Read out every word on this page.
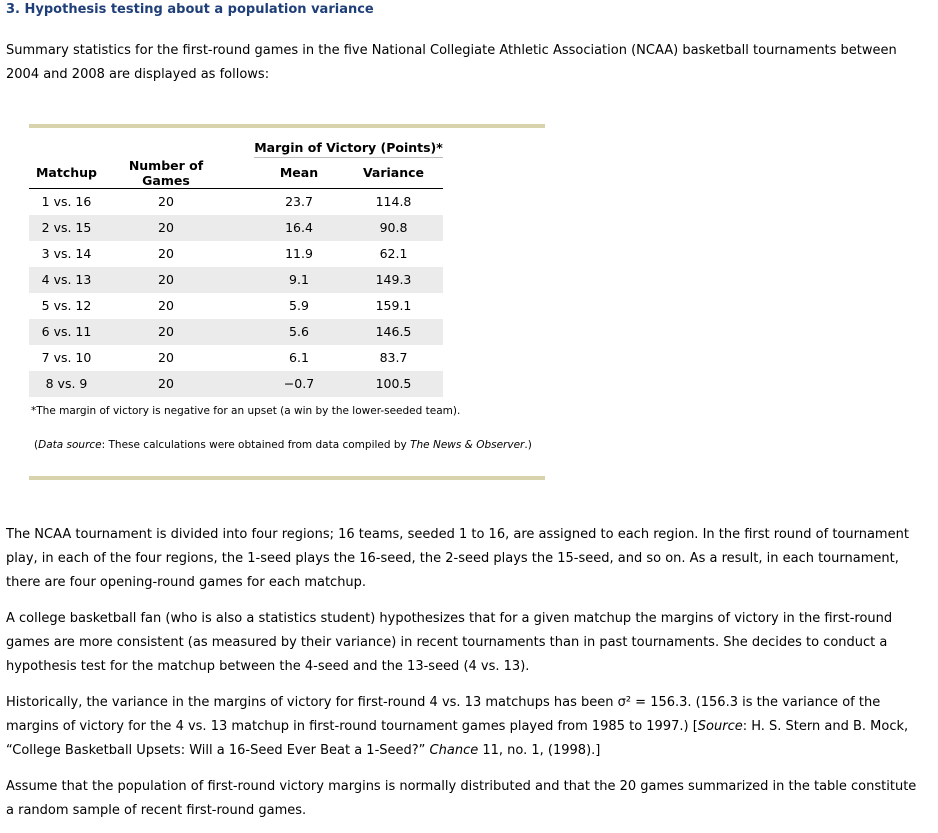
3. Hypothesis testing about a population variance

Summary statistics for the first-round games in the five National Collegiate Athletic Association (NCAA) basketball tournaments between 2004 and 2008 are displayed as follows:

			Margin of Victory (Points)*	
Matchup	Number of Games		Mean	Variance
1 vs. 16	20		23.7	114.8
2 vs. 15	20		16.4	90.8
3 vs. 14	20		11.9	62.1
4 vs. 13	20		9.1	149.3
5 vs. 12	20		5.9	159.1
6 vs. 11	20		5.6	146.5
7 vs. 10	20		6.1	83.7
8 vs. 9	20		−0.7	100.5

*The margin of victory is negative for an upset (a win by the lower-seeded team).

(Data source: These calculations were obtained from data compiled by The News & Observer.)

The NCAA tournament is divided into four regions; 16 teams, seeded 1 to 16, are assigned to each region. In the first round of tournament play, in each of the four regions, the 1-seed plays the 16-seed, the 2-seed plays the 15-seed, and so on. As a result, in each tournament, there are four opening-round games for each matchup.

A college basketball fan (who is also a statistics student) hypothesizes that for a given matchup the margins of victory in the first-round games are more consistent (as measured by their variance) in recent tournaments than in past tournaments. She decides to conduct a hypothesis test for the matchup between the 4-seed and the 13-seed (4 vs. 13).

Historically, the variance in the margins of victory for first-round 4 vs. 13 matchups has been σ² = 156.3. (156.3 is the variance of the margins of victory for the 4 vs. 13 matchup in first-round tournament games played from 1985 to 1997.) [Source: H. S. Stern and B. Mock, “College Basketball Upsets: Will a 16-Seed Ever Beat a 1-Seed?” Chance 11, no. 1, (1998).]

Assume that the population of first-round victory margins is normally distributed and that the 20 games summarized in the table constitute a random sample of recent first-round games.
